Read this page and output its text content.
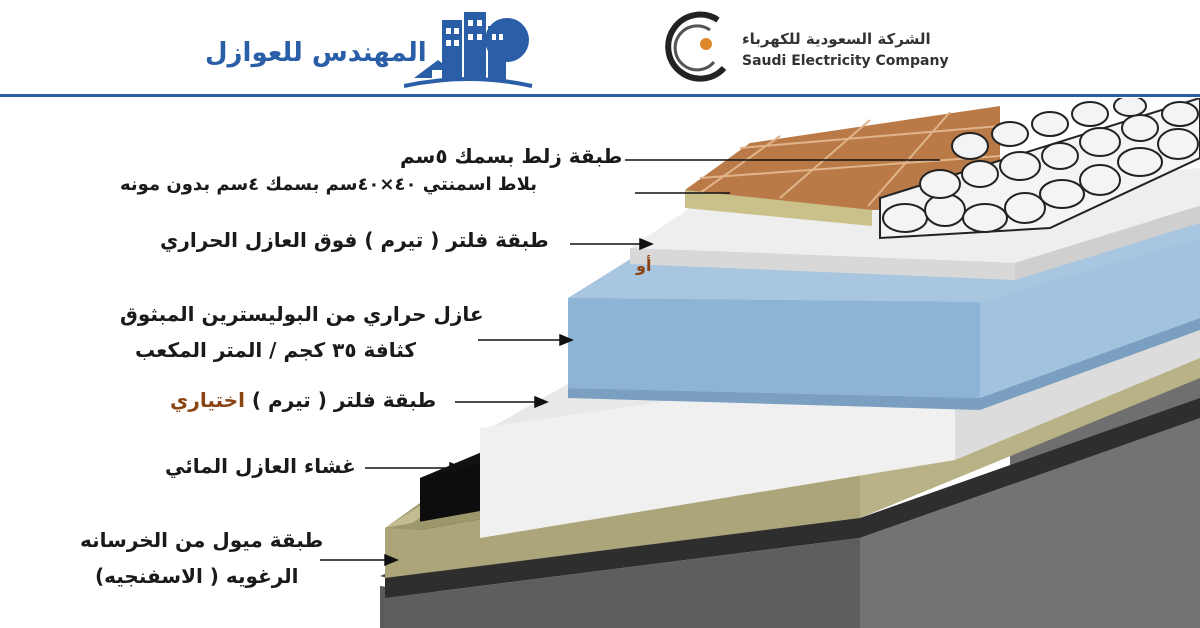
المهندس للعوازل	الشركة السعودية للكهرباء
Saudi Electricity Company
طبقة زلط بسمك ٥سم
أو
بلاط اسمنتي ٤٠×٤٠سم بسمك ٤سم بدون مونه
طبقة فلتر ( تيرم ) فوق العازل الحراري
عازل حراري من البوليسترين المبثوق
كثافة ٣٥ كجم / المتر المكعب
طبقة فلتر ( تيرم ) اختياري
غشاء العازل المائي
طبقة ميول من الخرسانه
الرغويه ( الاسفنجيه)
